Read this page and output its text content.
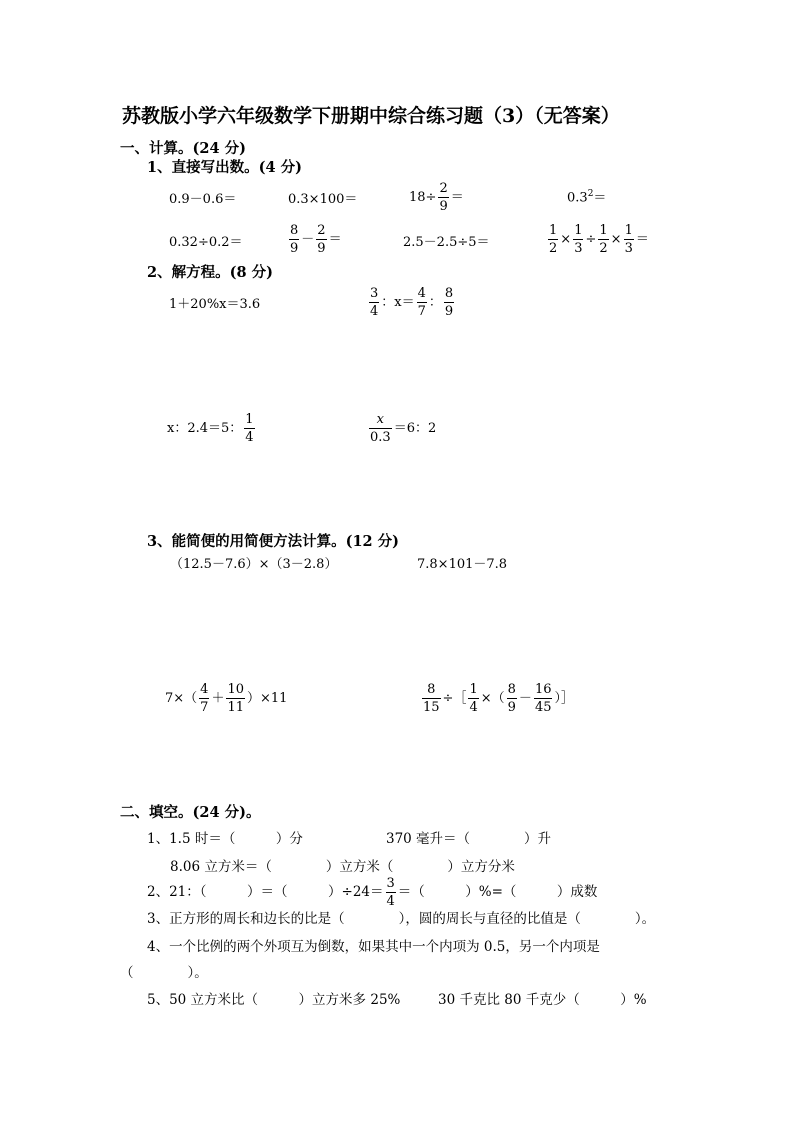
苏教版小学六年级数学下册期中综合练习题（3）（无答案）
一、计算。(24 分)
1、直接写出数。(4 分)
0.9－0.6＝	0.3×100＝	$18\div \frac{2}{9}$ ＝	$0.3^2=$
0.32÷0.2＝	$\frac{8}{9} - \frac{2}{9}$ ＝	2.5－2.5÷5＝	$\frac{1}{2} \times \frac{1}{3} \div \frac{1}{2} \times \frac{1}{3}$ ＝
2、解方程。(8 分)
1＋20%x＝3.6	$\frac{3}{4}$ ：$x= \frac{4}{7}$ ： $\frac{8}{9}$
x：2.4＝5： $\frac{1}{4}$	$\frac{x}{0.3} =6$：2
3、能简便的用简便方法计算。(12 分)
（12.5－7.6）×（3－2.8）	7.8×101－7.8
$7\times( \frac{4}{7} + \frac{10}{11} )\times 11$	$\frac{8}{15}$ ÷［ $\frac{1}{4}$ ×（ $\frac{8}{9} - \frac{16}{45}$ ）］
二、填空。(24 分)。
1、1.5 时＝（　　　）分	370 毫升＝（　　　　）升
8.06 立方米＝（　　　　）立方米（　　　　）立方分米
2、21：（　　　）＝（　　　）$\div 24= \frac{3}{4}$ ＝（　　　）%=（　　　）成数
3、正方形的周长和边长的比是（　　　　），圆的周长与直径的比值是（　　　　）。
4、一个比例的两个外项互为倒数，如果其中一个内项为 0.5，另一个内项是
（　　　　）。
5、50 立方米比（　　　）立方米多 25%	30 千克比 80 千克少（　　　）%
